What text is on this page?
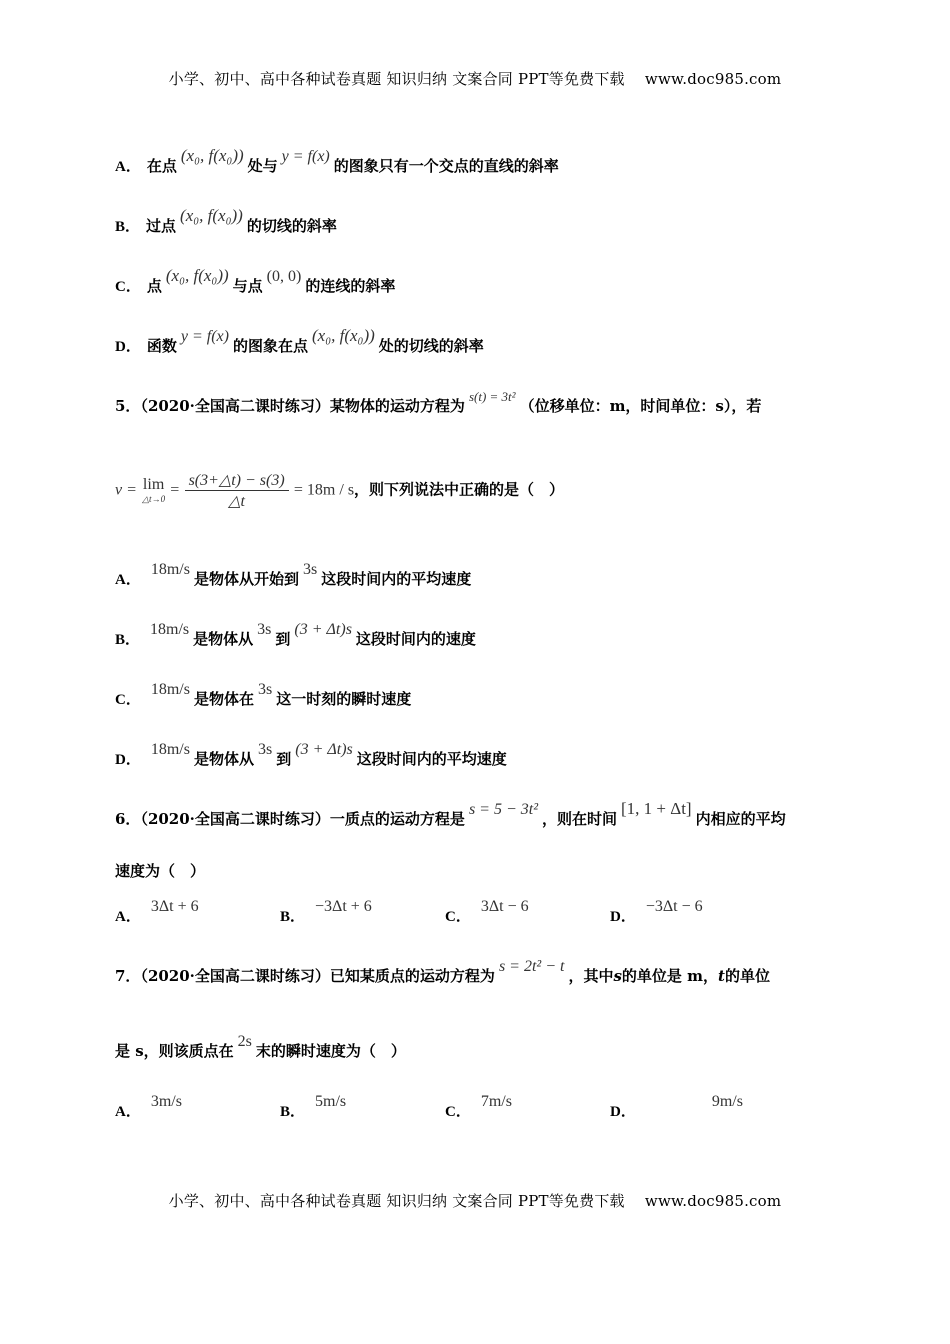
小学、初中、高中各种试卷真题 知识归纳 文案合同 PPT等免费下载　 www.doc985.com
A． 在点(x₀, f(x₀))处与y = f(x)的图象只有一个交点的直线的斜率
B． 过点(x₀, f(x₀))的切线的斜率
C． 点(x₀, f(x₀))与点(0, 0)的连线的斜率
D． 函数y = f(x)的图象在点(x₀, f(x₀))处的切线的斜率
5．（2020·全国高二课时练习）某物体的运动方程为s(t) = 3t²（位移单位：m，时间单位：s），若
v = lim
△t→0
= $\frac{s(3+\triangle t) - s(3)}{\triangle t} = 18m / s$，则下列说法中正确的是（　）
A．18m/s是物体从开始到3s这段时间内的平均速度
B．18m/s是物体从3s到(3 + Δt)s这段时间内的速度
C．18m/s是物体在3s这一时刻的瞬时速度
D．18m/s是物体从3s到(3 + Δt)s这段时间内的平均速度
6．（2020·全国高二课时练习）一质点的运动方程是s = 5 − 3t²，则在时间[1, 1 + Δt]内相应的平均
速度为（　）
A．3Δt + 6
B．−3Δt + 6
C．3Δt − 6
D．−3Δt − 6
7．（2020·全国高二课时练习）已知某质点的运动方程为s = 2t² − t，其中s的单位是 m，t的单位
是 s，则该质点在2s末的瞬时速度为（　）
A．3m/s
B．5m/s
C．7m/s
D．9m/s
小学、初中、高中各种试卷真题 知识归纳 文案合同 PPT等免费下载　 www.doc985.com
